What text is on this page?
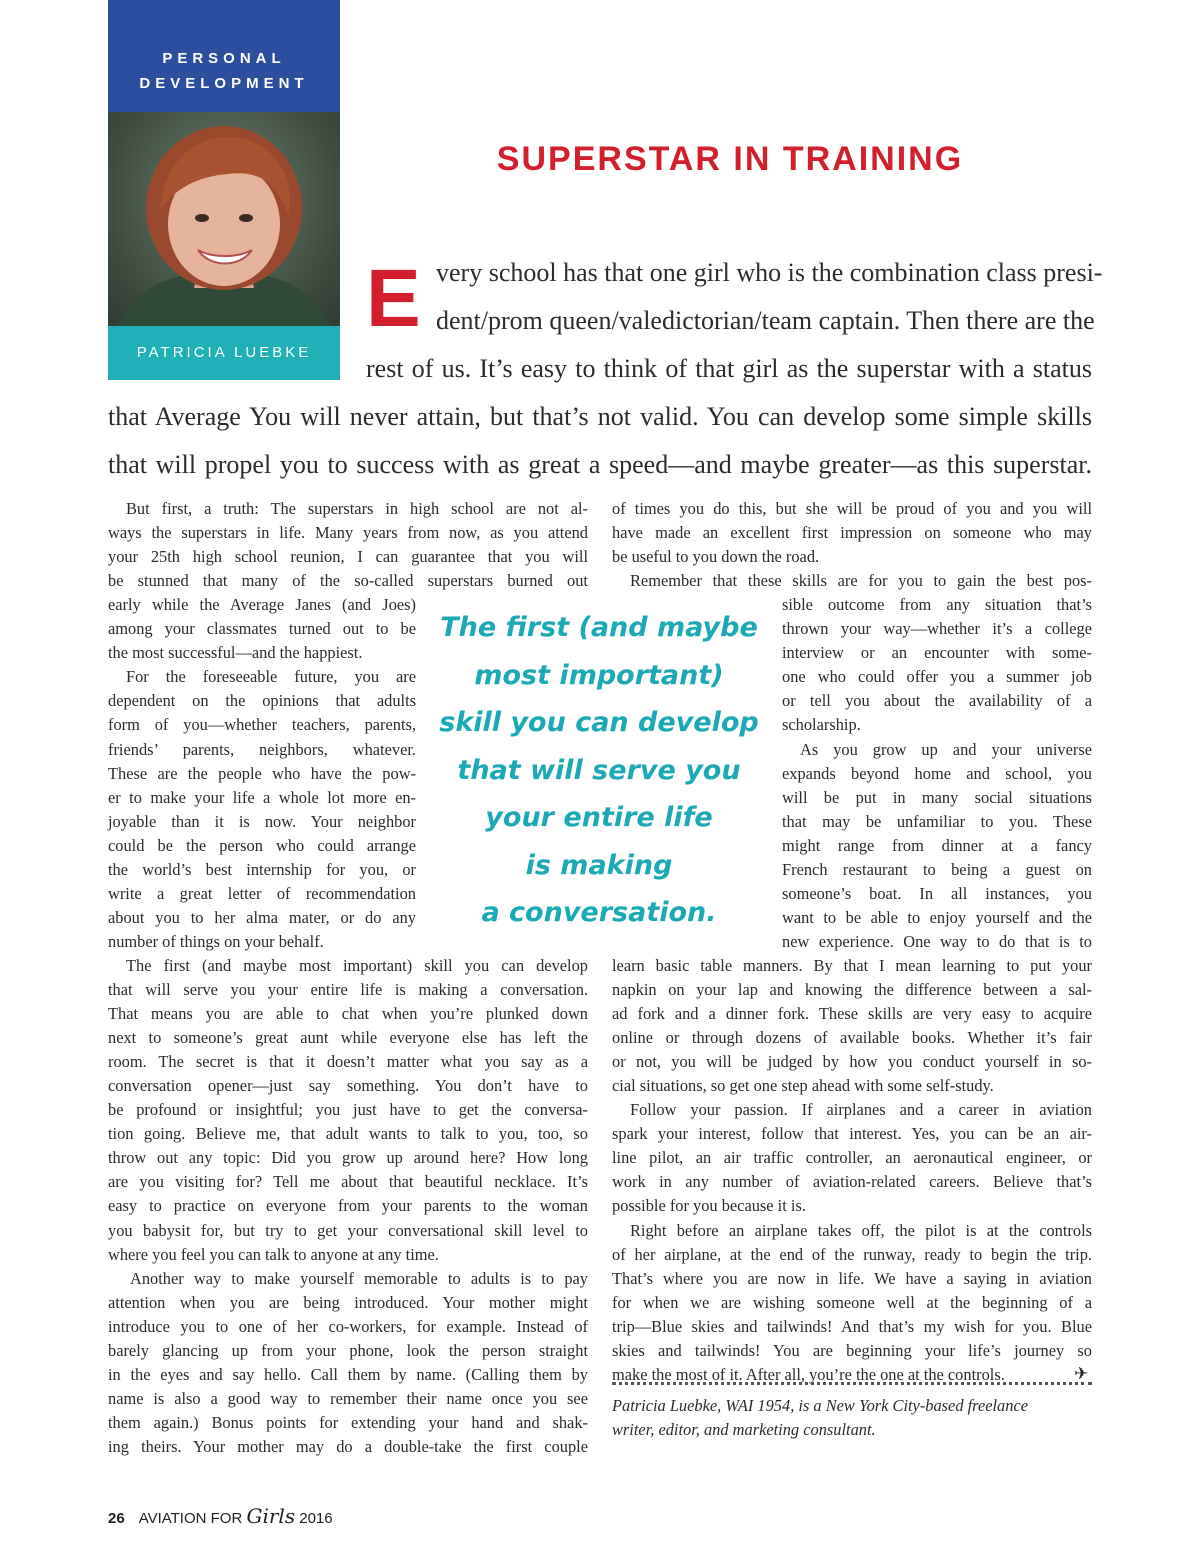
PERSONAL
DEVELOPMENT
PATRICIA LUEBKE
SUPERSTAR IN TRAINING
E very school has that one girl who is the combination class presi-
dent/prom queen/valedictorian/team captain. Then there are the
rest of us. It’s easy to think of that girl as the superstar with a status
that Average You will never attain, but that’s not valid. You can develop some simple skills
that will propel you to success with as great a speed—and maybe greater—as this superstar.
The first (and maybe
most important)
skill you can develop
that will serve you
your entire life
is making
a conversation.
But first, a truth: The superstars in high school are not al-
ways the superstars in life. Many years from now, as you attend
your 25th high school reunion, I can guarantee that you will
be stunned that many of the so-called superstars burned out
early while the Average Janes (and Joes)
among your classmates turned out to be
the most successful—and the happiest.
For the foreseeable future, you are
dependent on the opinions that adults
form of you—whether teachers, parents,
friends’ parents, neighbors, whatever.
These are the people who have the pow-
er to make your life a whole lot more en-
joyable than it is now. Your neighbor
could be the person who could arrange
the world’s best internship for you, or
write a great letter of recommendation
about you to her alma mater, or do any
number of things on your behalf.
The first (and maybe most important) skill you can develop
that will serve you your entire life is making a conversation.
That means you are able to chat when you’re plunked down
next to someone’s great aunt while everyone else has left the
room. The secret is that it doesn’t matter what you say as a
conversation opener—just say something. You don’t have to
be profound or insightful; you just have to get the conversa-
tion going. Believe me, that adult wants to talk to you, too, so
throw out any topic: Did you grow up around here? How long
are you visiting for? Tell me about that beautiful necklace. It’s
easy to practice on everyone from your parents to the woman
you babysit for, but try to get your conversational skill level to
where you feel you can talk to anyone at any time.
Another way to make yourself memorable to adults is to pay
attention when you are being introduced. Your mother might
introduce you to one of her co-workers, for example. Instead of
barely glancing up from your phone, look the person straight
in the eyes and say hello. Call them by name. (Calling them by
name is also a good way to remember their name once you see
them again.) Bonus points for extending your hand and shak-
ing theirs. Your mother may do a double-take the first couple
of times you do this, but she will be proud of you and you will
have made an excellent first impression on someone who may
be useful to you down the road.
Remember that these skills are for you to gain the best pos-
sible outcome from any situation that’s
thrown your way—whether it’s a college
interview or an encounter with some-
one who could offer you a summer job
or tell you about the availability of a
scholarship.
As you grow up and your universe
expands beyond home and school, you
will be put in many social situations
that may be unfamiliar to you. These
might range from dinner at a fancy
French restaurant to being a guest on
someone’s boat. In all instances, you
want to be able to enjoy yourself and the
new experience. One way to do that is to
learn basic table manners. By that I mean learning to put your
napkin on your lap and knowing the difference between a sal-
ad fork and a dinner fork. These skills are very easy to acquire
online or through dozens of available books. Whether it’s fair
or not, you will be judged by how you conduct yourself in so-
cial situations, so get one step ahead with some self-study.
Follow your passion. If airplanes and a career in aviation
spark your interest, follow that interest. Yes, you can be an air-
line pilot, an air traffic controller, an aeronautical engineer, or
work in any number of aviation-related careers. Believe that’s
possible for you because it is.
Right before an airplane takes off, the pilot is at the controls
of her airplane, at the end of the runway, ready to begin the trip.
That’s where you are now in life. We have a saying in aviation
for when we are wishing someone well at the beginning of a
trip—Blue skies and tailwinds! And that’s my wish for you. Blue
skies and tailwinds! You are beginning your life’s journey so
make the most of it. After all, you’re the one at the controls.	✈
Patricia Luebke, WAI 1954, is a New York City-based freelance
writer, editor, and marketing consultant.
26 AVIATION FOR Girls 2016
